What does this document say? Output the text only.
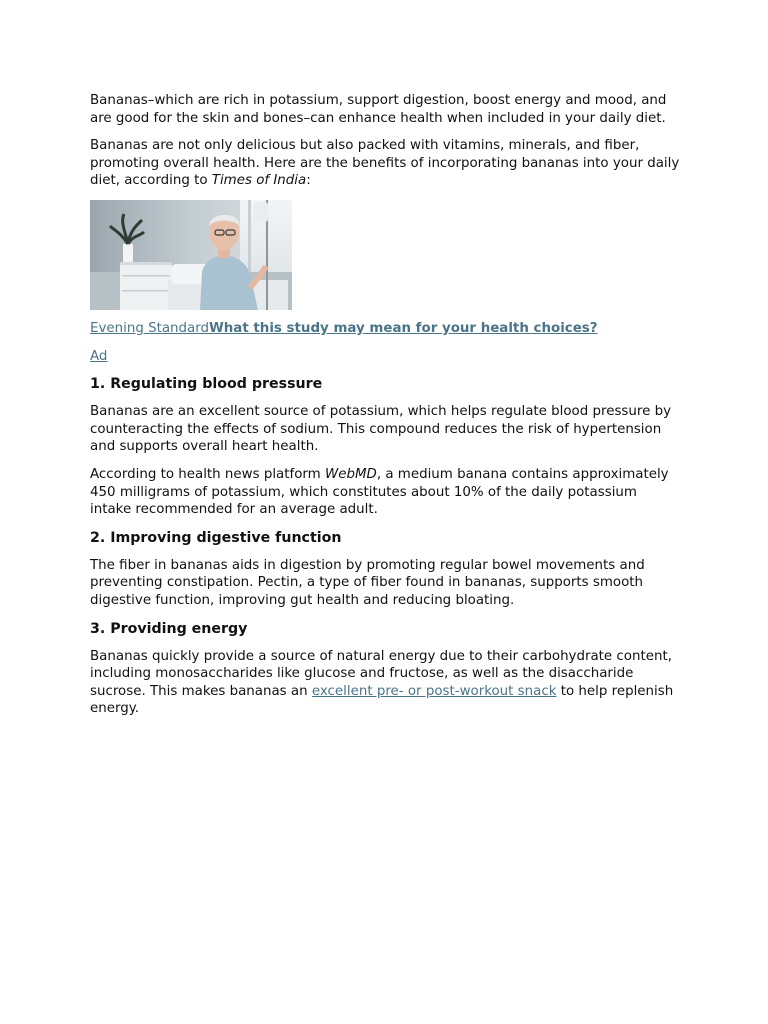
Bananas–which are rich in potassium, support digestion, boost energy and mood, and are good for the skin and bones–can enhance health when included in your daily diet.

Bananas are not only delicious but also packed with vitamins, minerals, and fiber, promoting overall health. Here are the benefits of incorporating bananas into your daily diet, according to Times of India:

Evening StandardWhat this study may mean for your health choices?
Ad
1. Regulating blood pressure

Bananas are an excellent source of potassium, which helps regulate blood pressure by counteracting the effects of sodium. This compound reduces the risk of hypertension and supports overall heart health.

According to health news platform WebMD, a medium banana contains approximately 450 milligrams of potassium, which constitutes about 10% of the daily potassium intake recommended for an average adult.

2. Improving digestive function

The fiber in bananas aids in digestion by promoting regular bowel movements and preventing constipation. Pectin, a type of fiber found in bananas, supports smooth digestive function, improving gut health and reducing bloating.

3. Providing energy

Bananas quickly provide a source of natural energy due to their carbohydrate content, including monosaccharides like glucose and fructose, as well as the disaccharide sucrose. This makes bananas an excellent pre- or post-workout snack to help replenish energy.
